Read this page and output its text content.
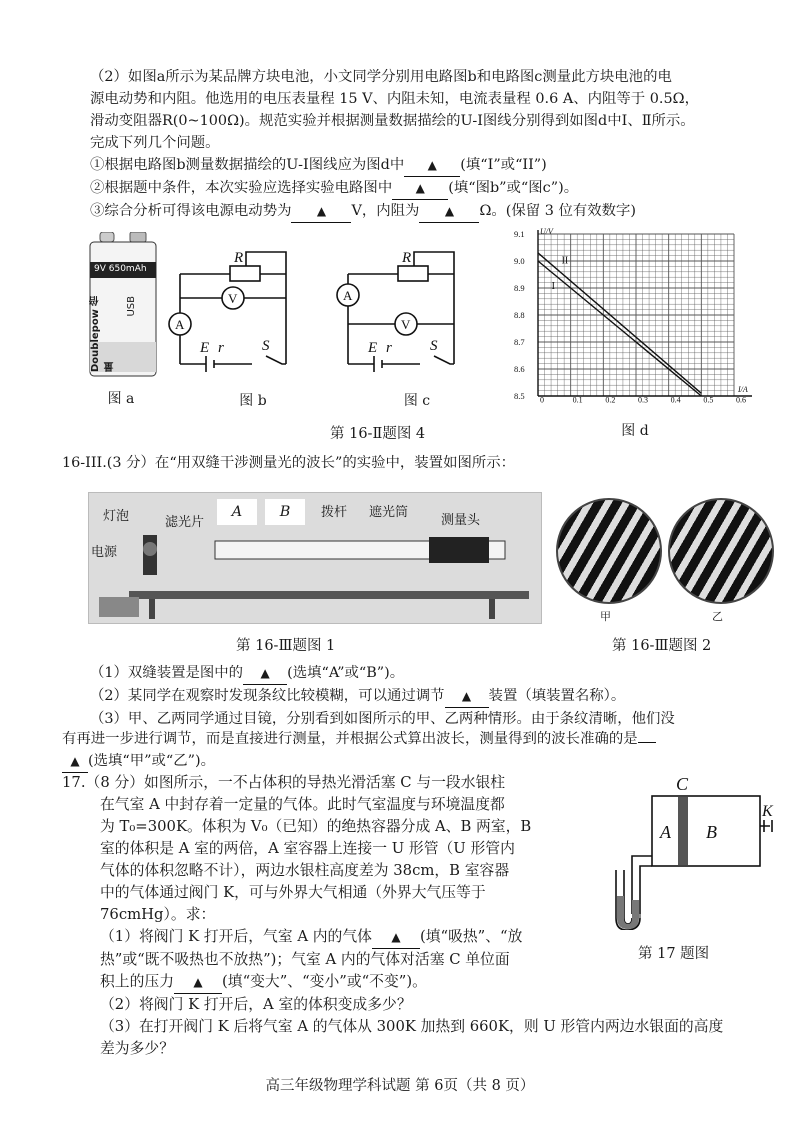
（2）如图a所示为某品牌方块电池，小文同学分别用电路图b和电路图c测量此方块电池的电

源电动势和内阻。他选用的电压表量程 15 V、内阻未知，电流表量程 0.6 A、内阻等于 0.5Ω，

滑动变阻器R(0~100Ω)。规范实验并根据测量数据描绘的U-I图线分别得到如图d中Ⅰ、Ⅱ所示。

完成下列几个问题。

①根据电路图b测量数据描绘的U-I图线应为图d中 ▲ (填“I”或“II”)

②根据题中条件，本次实验应选择实验电路图中 ▲ (填“图b”或“图c”)。

③综合分析可得该电源电动势为 ▲ V，内阻为 ▲ Ω。(保留 3 位有效数字)

9V 650mAh
Doublepow 倍量
USB
图 a
R
V
A
E r	S
图 b
R
A
V
E r	S
图 c
第 16-Ⅱ题图 4
0	0.1	0.2	0.3	0.4	0.5	0.6
8.5
8.6
8.7
8.8
8.9
9.0
9.1
I/A
U/V
I
II
图 d

16-III.(3 分）在“用双缝干涉测量光的波长”的实验中，装置如图所示：

灯泡	滤光片
A	B	拨杆 遮光筒
测量头
电源
甲	乙
第 16-Ⅲ题图 1	第 16-Ⅲ题图 2

（1）双缝装置是图中的 ▲ (选填“A”或“B”)。

（2）某同学在观察时发现条纹比较模糊，可以通过调节 ▲ 装置（填装置名称）。

（3）甲、乙两同学通过目镜，分别看到如图所示的甲、乙两种情形。由于条纹清晰，他们没

有再进一步进行调节，而是直接进行测量，并根据公式算出波长，测量得到的波长准确的是

▲ (选填“甲”或“乙”)。

17.（8 分）如图所示，一不占体积的导热光滑活塞 C 与一段水银柱

在气室 A 中封存着一定量的气体。此时气室温度与环境温度都

为 T₀=300K。体积为 V₀（已知）的绝热容器分成 A、B 两室，B

室的体积是 A 室的两倍，A 室容器上连接一 U 形管（U 形管内

气体的体积忽略不计），两边水银柱高度差为 38cm，B 室容器

中的气体通过阀门 K，可与外界大气相通（外界大气压等于

76cmHg）。求：

（1）将阀门 K 打开后，气室 A 内的气体 ▲ (填“吸热”、“放

热”或“既不吸热也不放热”)；气室 A 内的气体对活塞 C 单位面

积上的压力 ▲ (填“变大”、“变小”或“不变”)。

（2）将阀门 K 打开后，A 室的体积变成多少？

（3）在打开阀门 K 后将气室 A 的气体从 300K 加热到 660K，则 U 形管内两边水银面的高度

差为多少？

C
A B
K
第 17 题图
高三年级物理学科试题 第 6页（共 8 页）
